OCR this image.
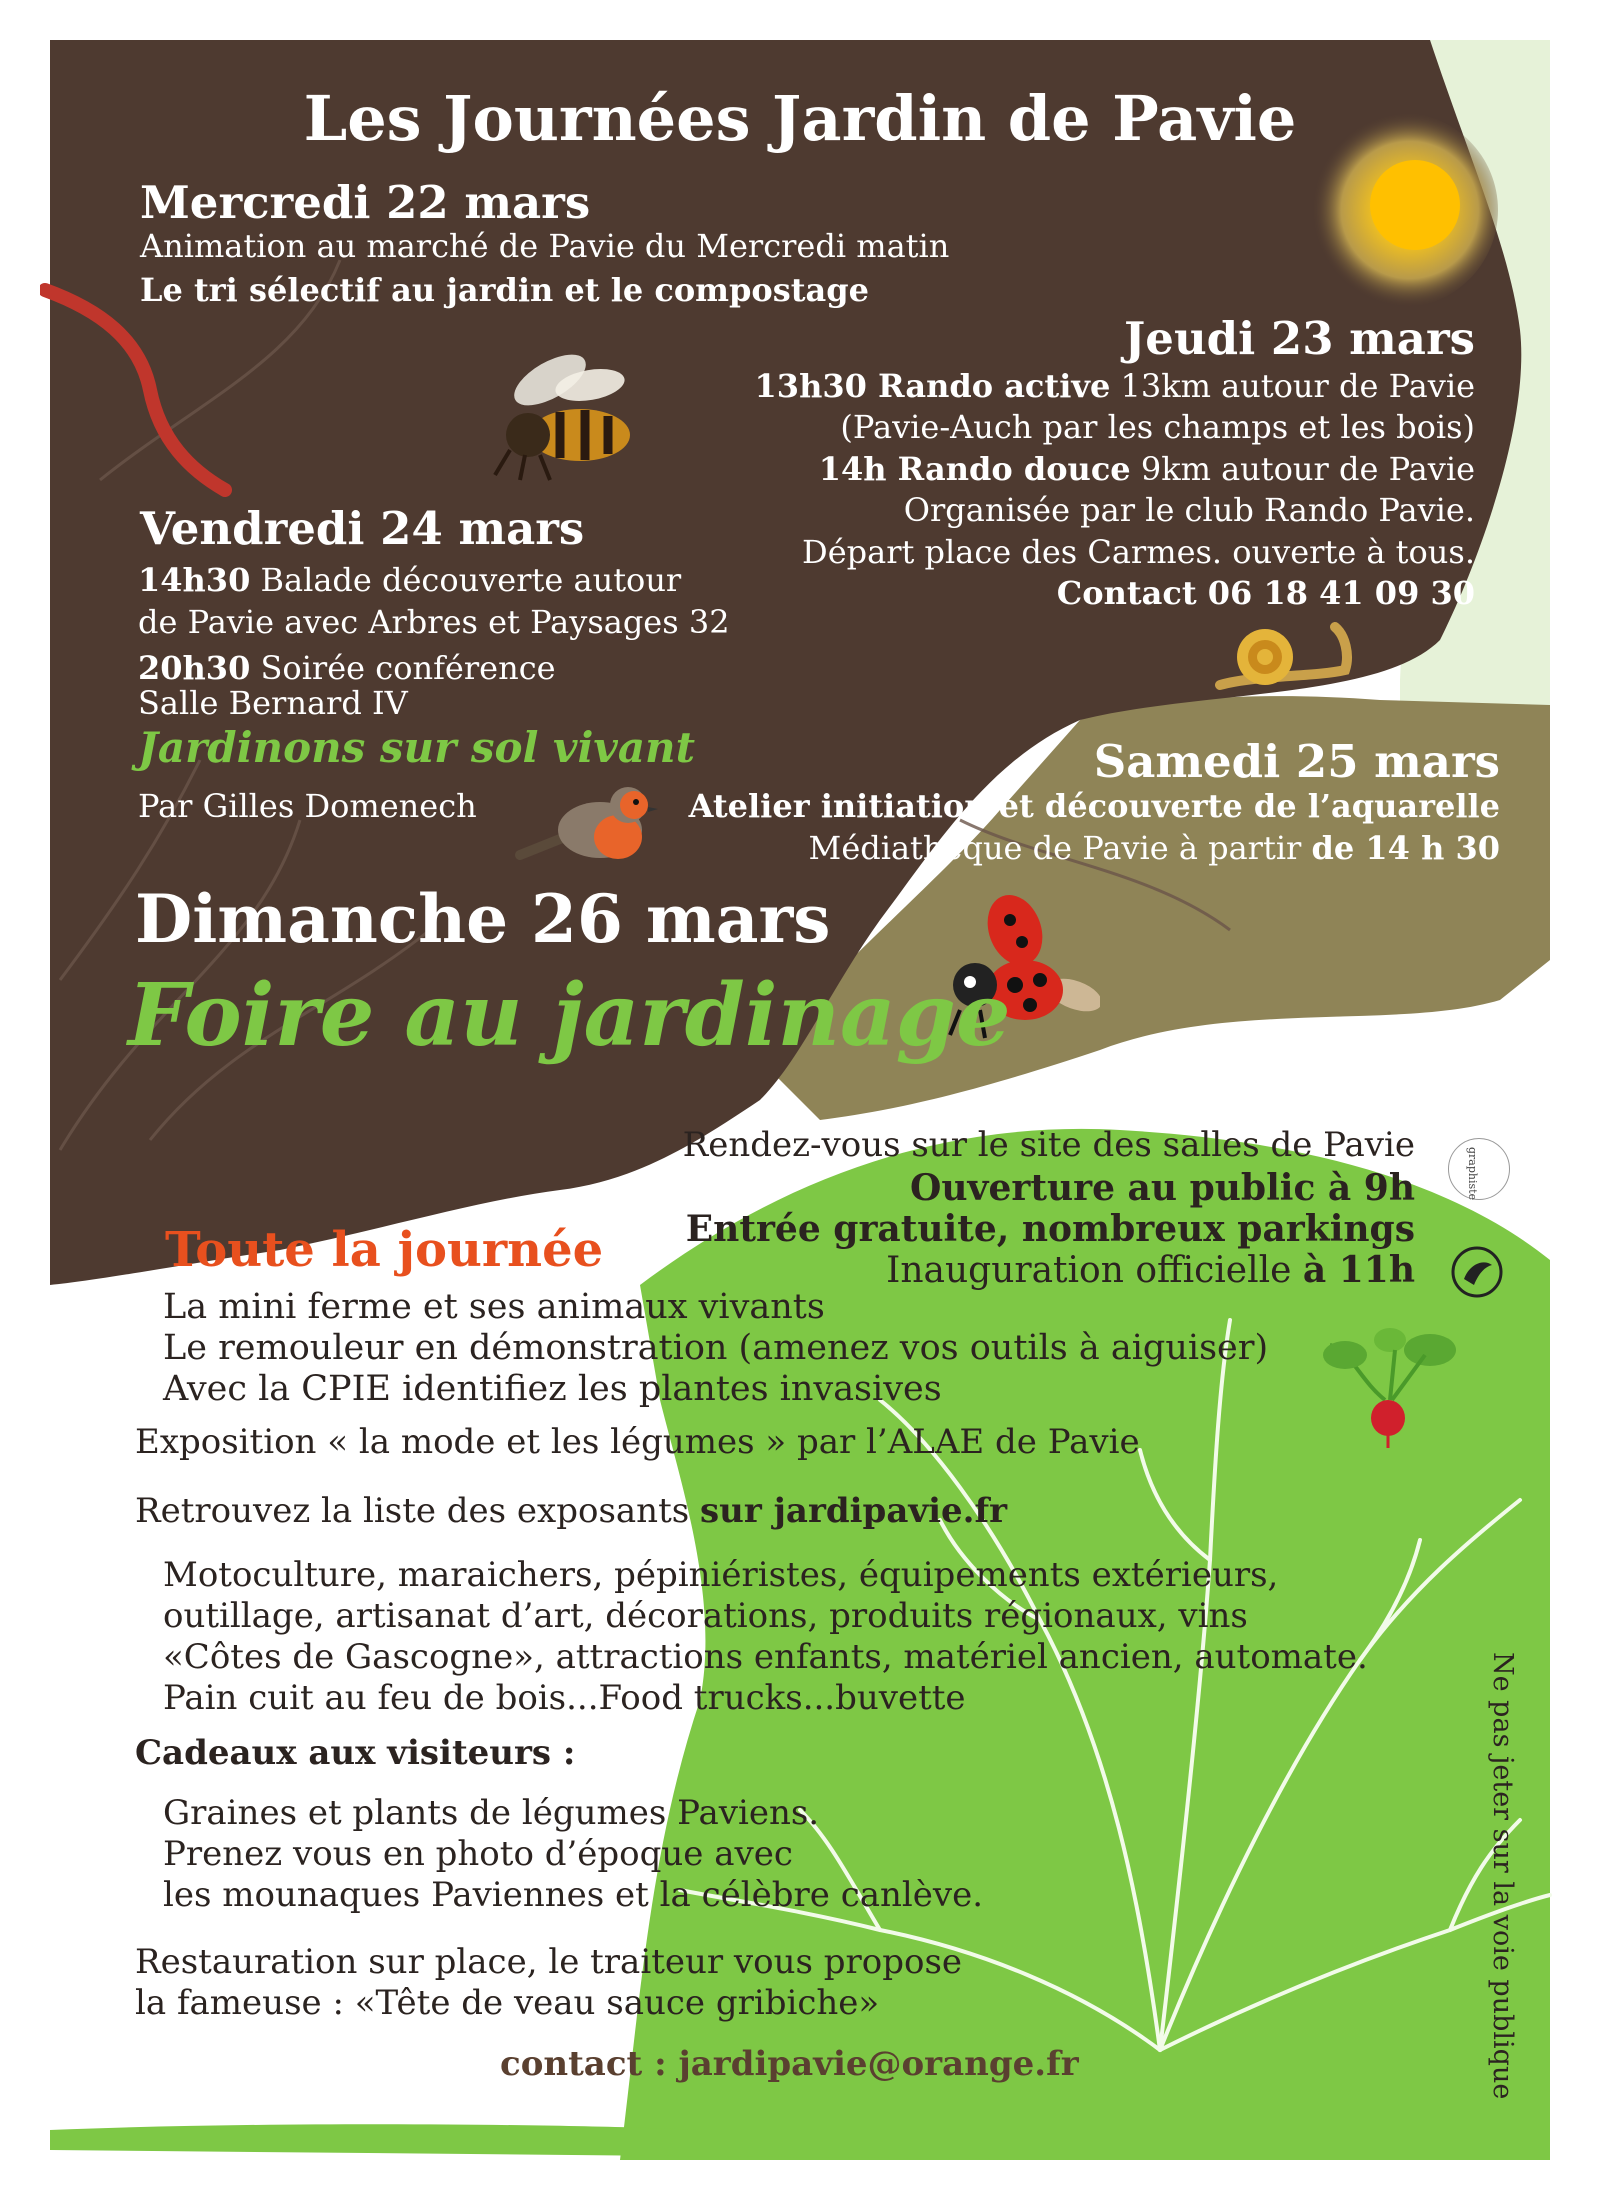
graphiste
Les Journées Jardin de Pavie
Mercredi 22 mars
Animation au marché de Pavie du Mercredi matin
Le tri sélectif au jardin et le compostage
Jeudi 23 mars
13h30 Rando active 13km autour de Pavie
(Pavie-Auch par les champs et les bois)
14h Rando douce 9km autour de Pavie
Organisée par le club Rando Pavie.
Départ place des Carmes. ouverte à tous.
Contact 06 18 41 09 30
Vendredi 24 mars
14h30 Balade découverte autour
de Pavie avec Arbres et Paysages 32
20h30 Soirée conférence
Salle Bernard IV
Jardinons sur sol vivant
Par Gilles Domenech
Samedi 25 mars
Atelier initiation et découverte de l’aquarelle
Médiathèque de Pavie à partir de 14 h 30
Dimanche 26 mars
Foire au jardinage
Rendez-vous sur le site des salles de Pavie
Ouverture au public à 9h
Entrée gratuite, nombreux parkings
Inauguration officielle à 11h
Toute la journée
La mini ferme et ses animaux vivants
Le remouleur en démonstration (amenez vos outils à aiguiser)
Avec la CPIE identifiez les plantes invasives
Exposition « la mode et les légumes » par l’ALAE de Pavie
Retrouvez la liste des exposants sur jardipavie.fr
Motoculture, maraichers, pépiniéristes, équipements extérieurs,
outillage, artisanat d’art, décorations, produits régionaux, vins
«Côtes de Gascogne», attractions enfants, matériel ancien, automate.
Pain cuit au feu de bois...Food trucks...buvette
Cadeaux aux visiteurs :
Graines et plants de légumes Paviens.
Prenez vous en photo d’époque avec
les mounaques Paviennes et la célèbre canlève.
Restauration sur place, le traiteur vous propose
la fameuse : «Tête de veau sauce gribiche»
contact : jardipavie@orange.fr	Ne pas jeter sur la voie publique
